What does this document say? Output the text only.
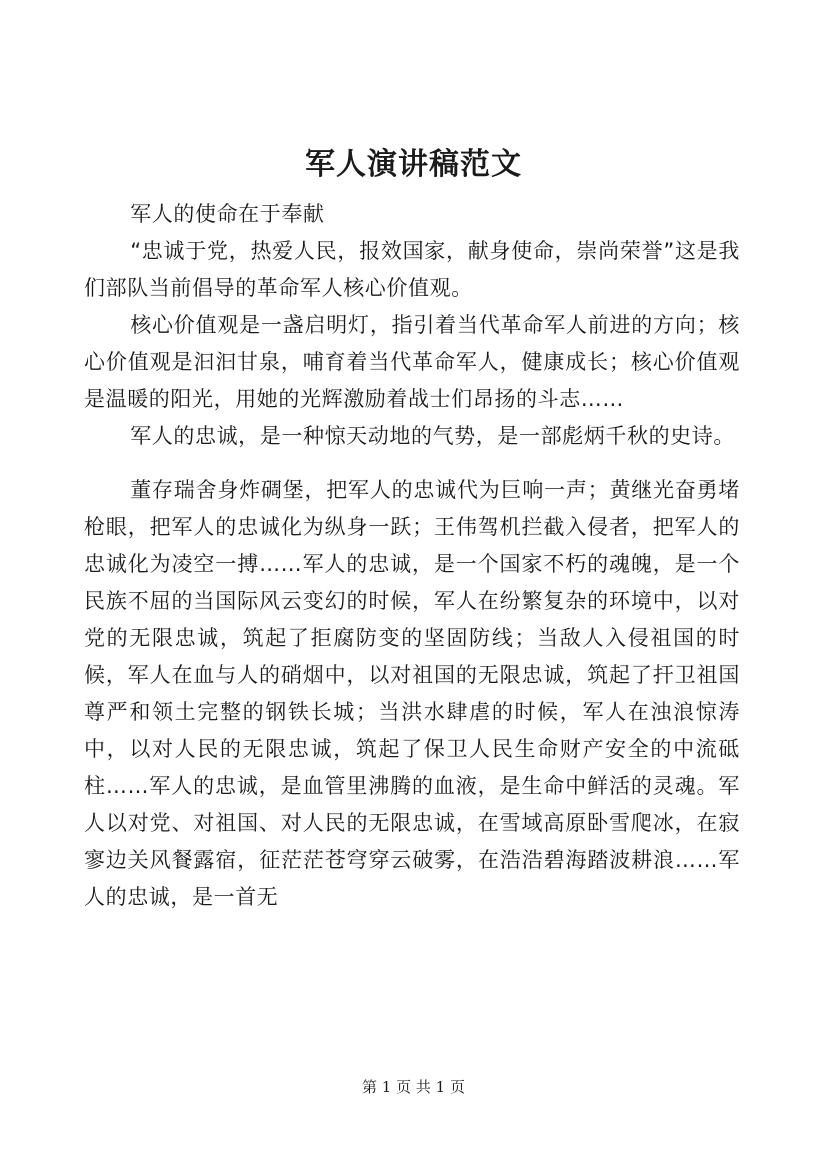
军人演讲稿范文

军人的使命在于奉献

“忠诚于党，热爱人民，报效国家，献身使命，崇尚荣誉”这是我们部队当前倡导的革命军人核心价值观。

核心价值观是一盏启明灯，指引着当代革命军人前进的方向；核心价值观是汩汩甘泉，哺育着当代革命军人，健康成长；核心价值观是温暖的阳光，用她的光辉激励着战士们昂扬的斗志……

军人的忠诚，是一种惊天动地的气势，是一部彪炳千秋的史诗。

董存瑞舍身炸碉堡，把军人的忠诚代为巨响一声；黄继光奋勇堵枪眼，把军人的忠诚化为纵身一跃；王伟驾机拦截入侵者，把军人的忠诚化为凌空一搏……军人的忠诚，是一个国家不朽的魂魄，是一个民族不屈的当国际风云变幻的时候，军人在纷繁复杂的环境中，以对党的无限忠诚，筑起了拒腐防变的坚固防线；当敌人入侵祖国的时候，军人在血与人的硝烟中，以对祖国的无限忠诚，筑起了扞卫祖国尊严和领土完整的钢铁长城；当洪水肆虐的时候，军人在浊浪惊涛中，以对人民的无限忠诚，筑起了保卫人民生命财产安全的中流砥柱……军人的忠诚，是血管里沸腾的血液，是生命中鲜活的灵魂。军人以对党、对祖国、对人民的无限忠诚，在雪域高原卧雪爬冰，在寂寥边关风餐露宿，征茫茫苍穹穿云破雾，在浩浩碧海踏波耕浪……军人的忠诚，是一首无

第 1 页 共 1 页
